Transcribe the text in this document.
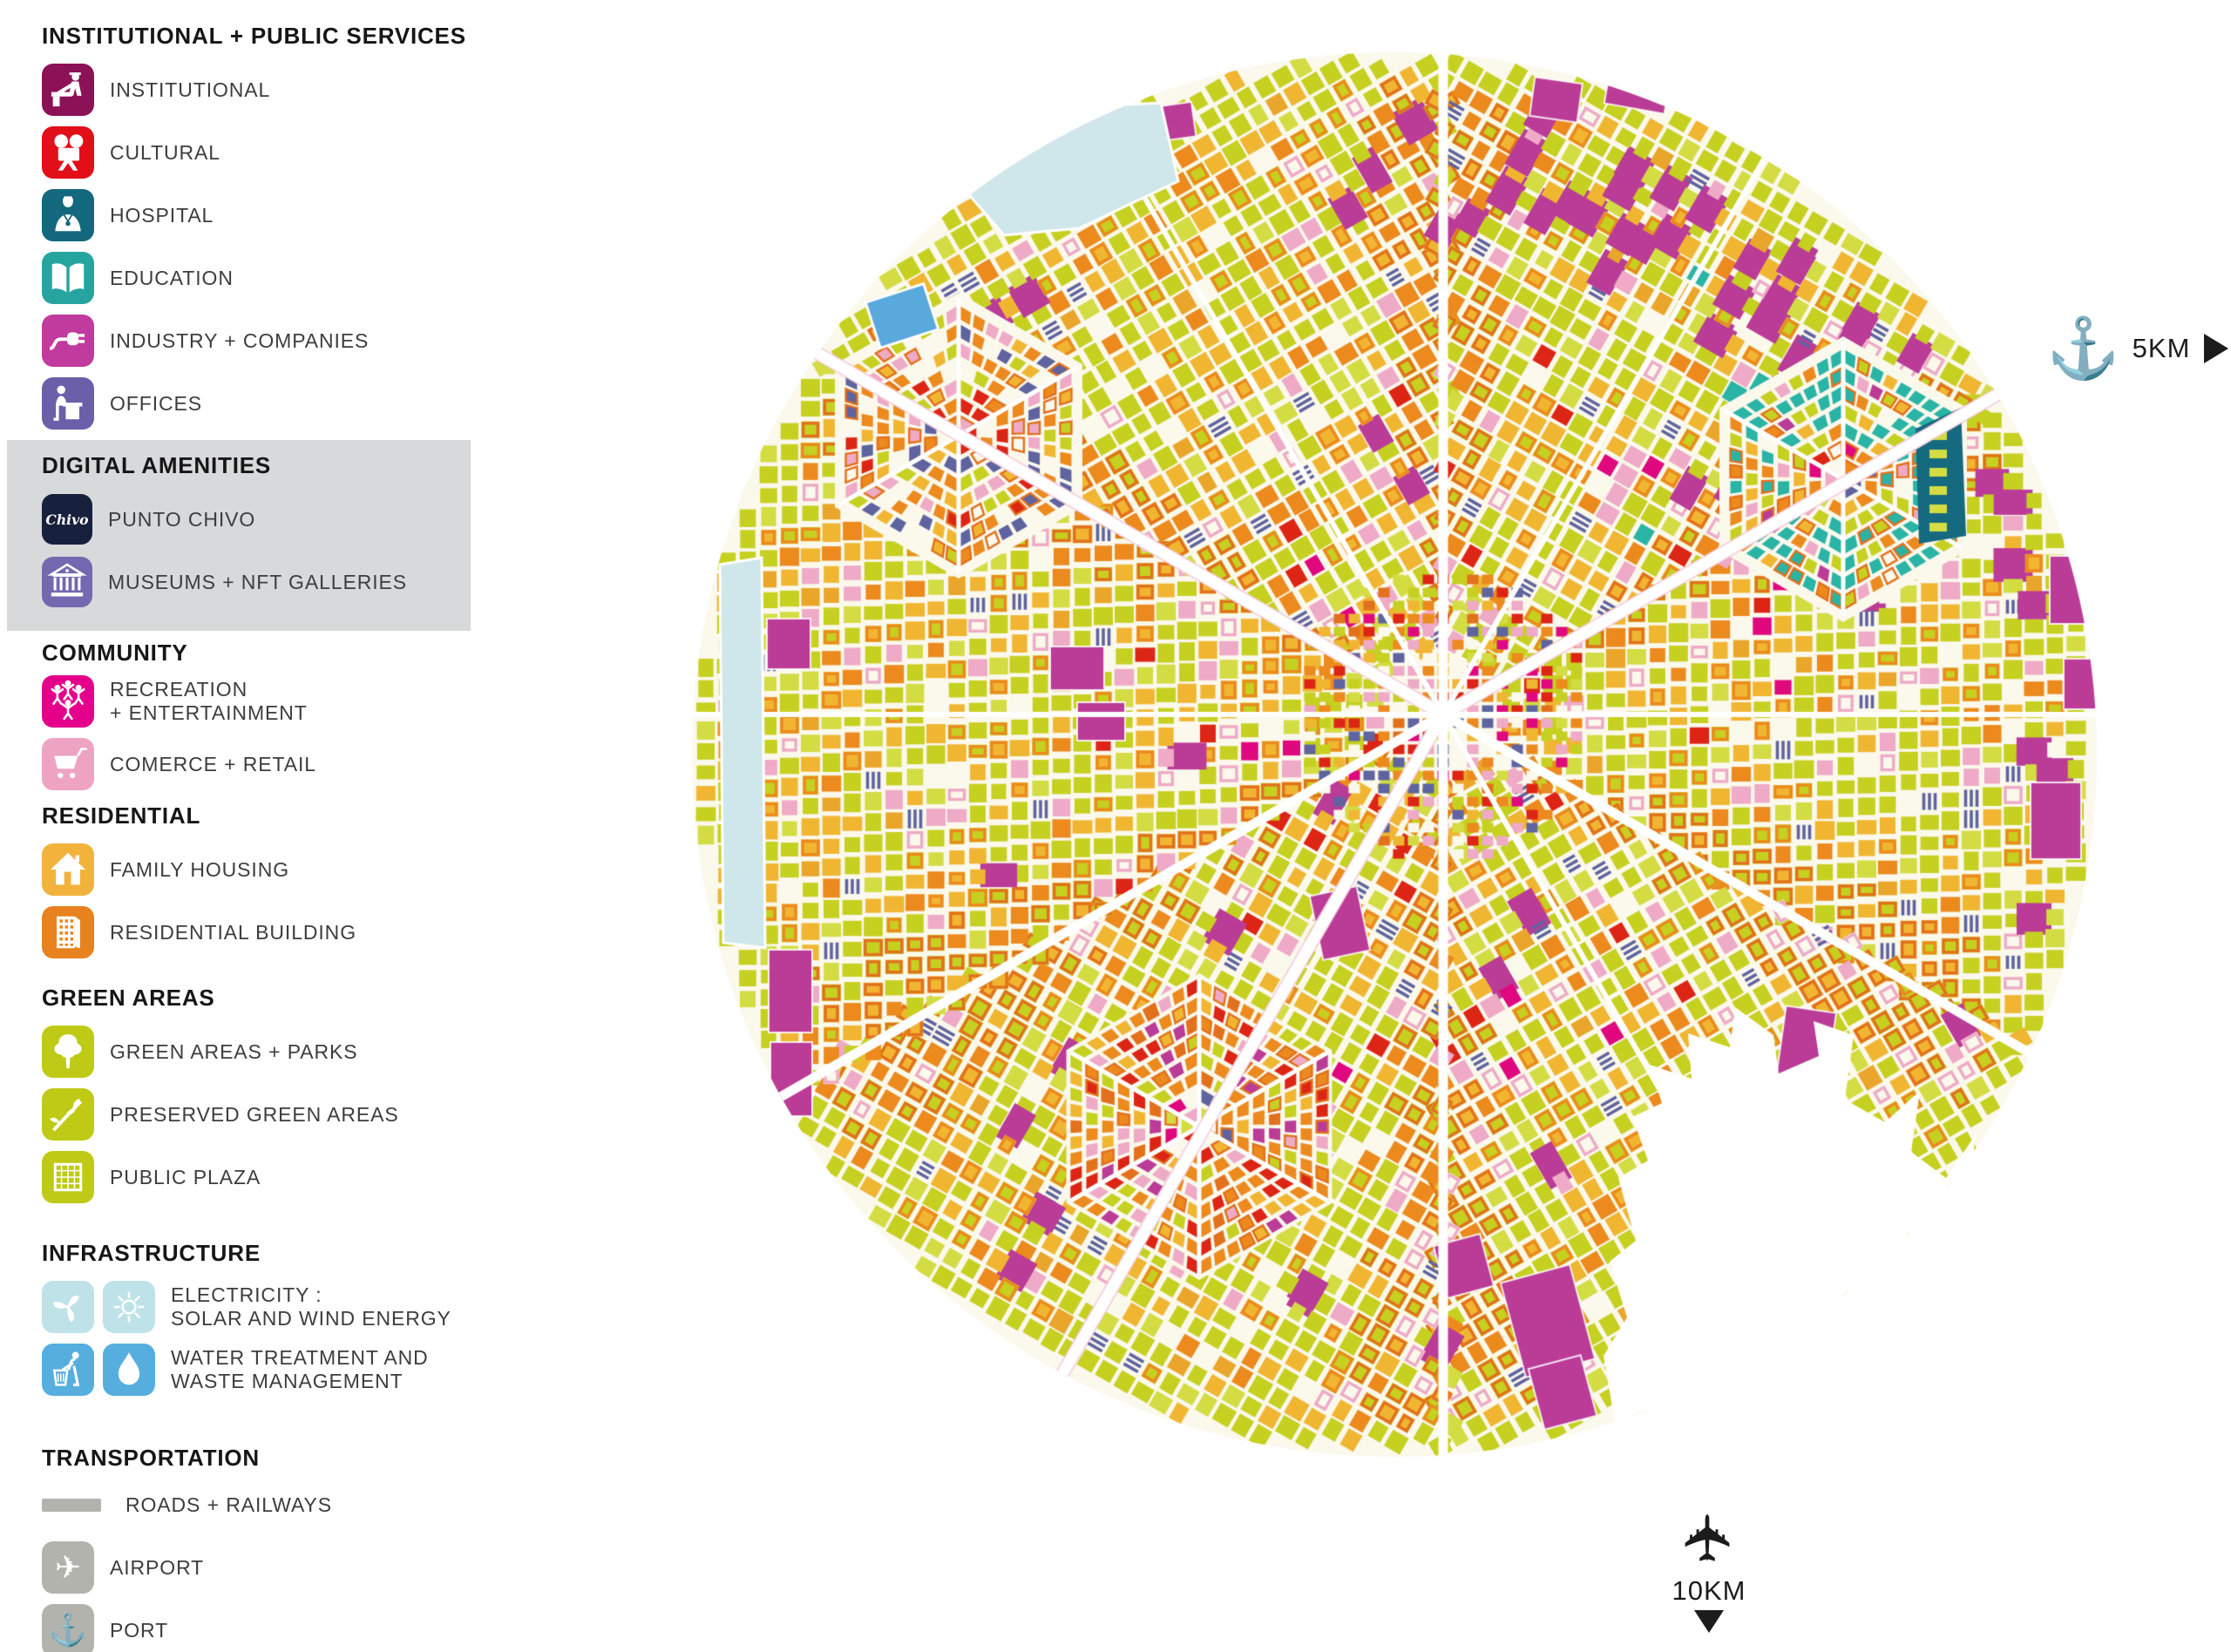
INSTITUTIONAL + PUBLIC SERVICES
INSTITUTIONAL
CULTURAL
HOSPITAL
EDUCATION
INDUSTRY + COMPANIES
OFFICES
DIGITAL AMENITIES
Chivo PUNTO CHIVO
MUSEUMS + NFT GALLERIES
COMMUNITY
RECREATION
+ ENTERTAINMENT
COMERCE + RETAIL
RESIDENTIAL
FAMILY HOUSING
RESIDENTIAL BUILDING
GREEN AREAS
GREEN AREAS + PARKS
PRESERVED GREEN AREAS
PUBLIC PLAZA
INFRASTRUCTURE
ELECTRICITY :
SOLAR AND WIND ENERGY
WATER TREATMENT AND
WASTE MANAGEMENT
TRANSPORTATION
ROADS + RAILWAYS
✈ AIRPORT
⚓ PORT
⚓ 5KM
✈
10KM
